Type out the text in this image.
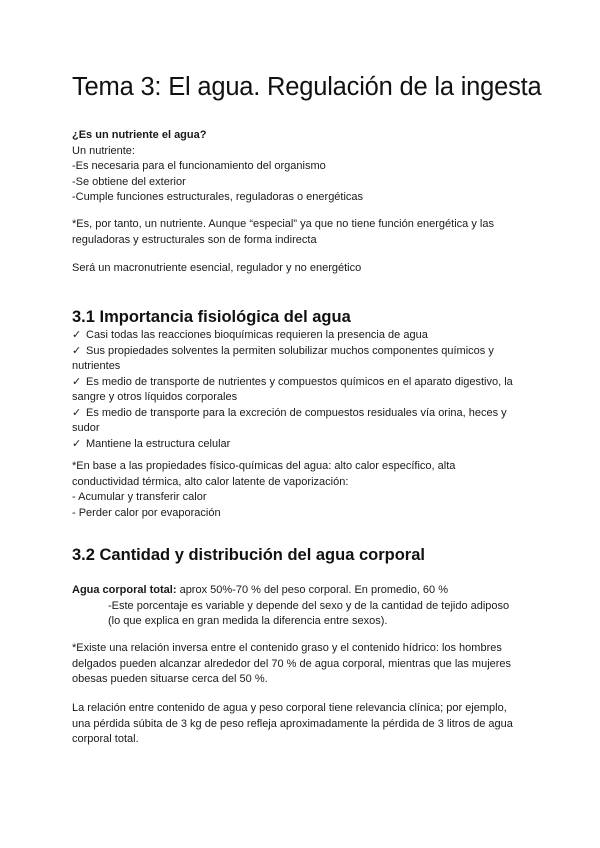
Tema 3: El agua. Regulación de la ingesta

¿Es un nutriente el agua?

Un nutriente:

-Es necesaria para el funcionamiento del organismo

-Se obtiene del exterior

-Cumple funciones estructurales, reguladoras o energéticas

*Es, por tanto, un nutriente. Aunque “especial” ya que no tiene función energética y las

reguladoras y estructurales son de forma indirecta

Será un macronutriente esencial, regulador y no energético

3.1 Importancia fisiológica del agua

✓ Casi todas las reacciones bioquímicas requieren la presencia de agua

✓ Sus propiedades solventes la permiten solubilizar muchos componentes químicos y

nutrientes

✓ Es medio de transporte de nutrientes y compuestos químicos en el aparato digestivo, la

sangre y otros líquidos corporales

✓ Es medio de transporte para la excreción de compuestos residuales vía orina, heces y

sudor

✓ Mantiene la estructura celular

*En base a las propiedades físico-químicas del agua: alto calor específico, alta

conductividad térmica, alto calor latente de vaporización:

- Acumular y transferir calor

- Perder calor por evaporación

3.2 Cantidad y distribución del agua corporal

Agua corporal total: aprox 50%-70 % del peso corporal. En promedio, 60 %

-Este porcentaje es variable y depende del sexo y de la cantidad de tejido adiposo

(lo que explica en gran medida la diferencia entre sexos).

*Existe una relación inversa entre el contenido graso y el contenido hídrico: los hombres

delgados pueden alcanzar alrededor del 70 % de agua corporal, mientras que las mujeres

obesas pueden situarse cerca del 50 %.

La relación entre contenido de agua y peso corporal tiene relevancia clínica; por ejemplo,

una pérdida súbita de 3 kg de peso refleja aproximadamente la pérdida de 3 litros de agua

corporal total.
